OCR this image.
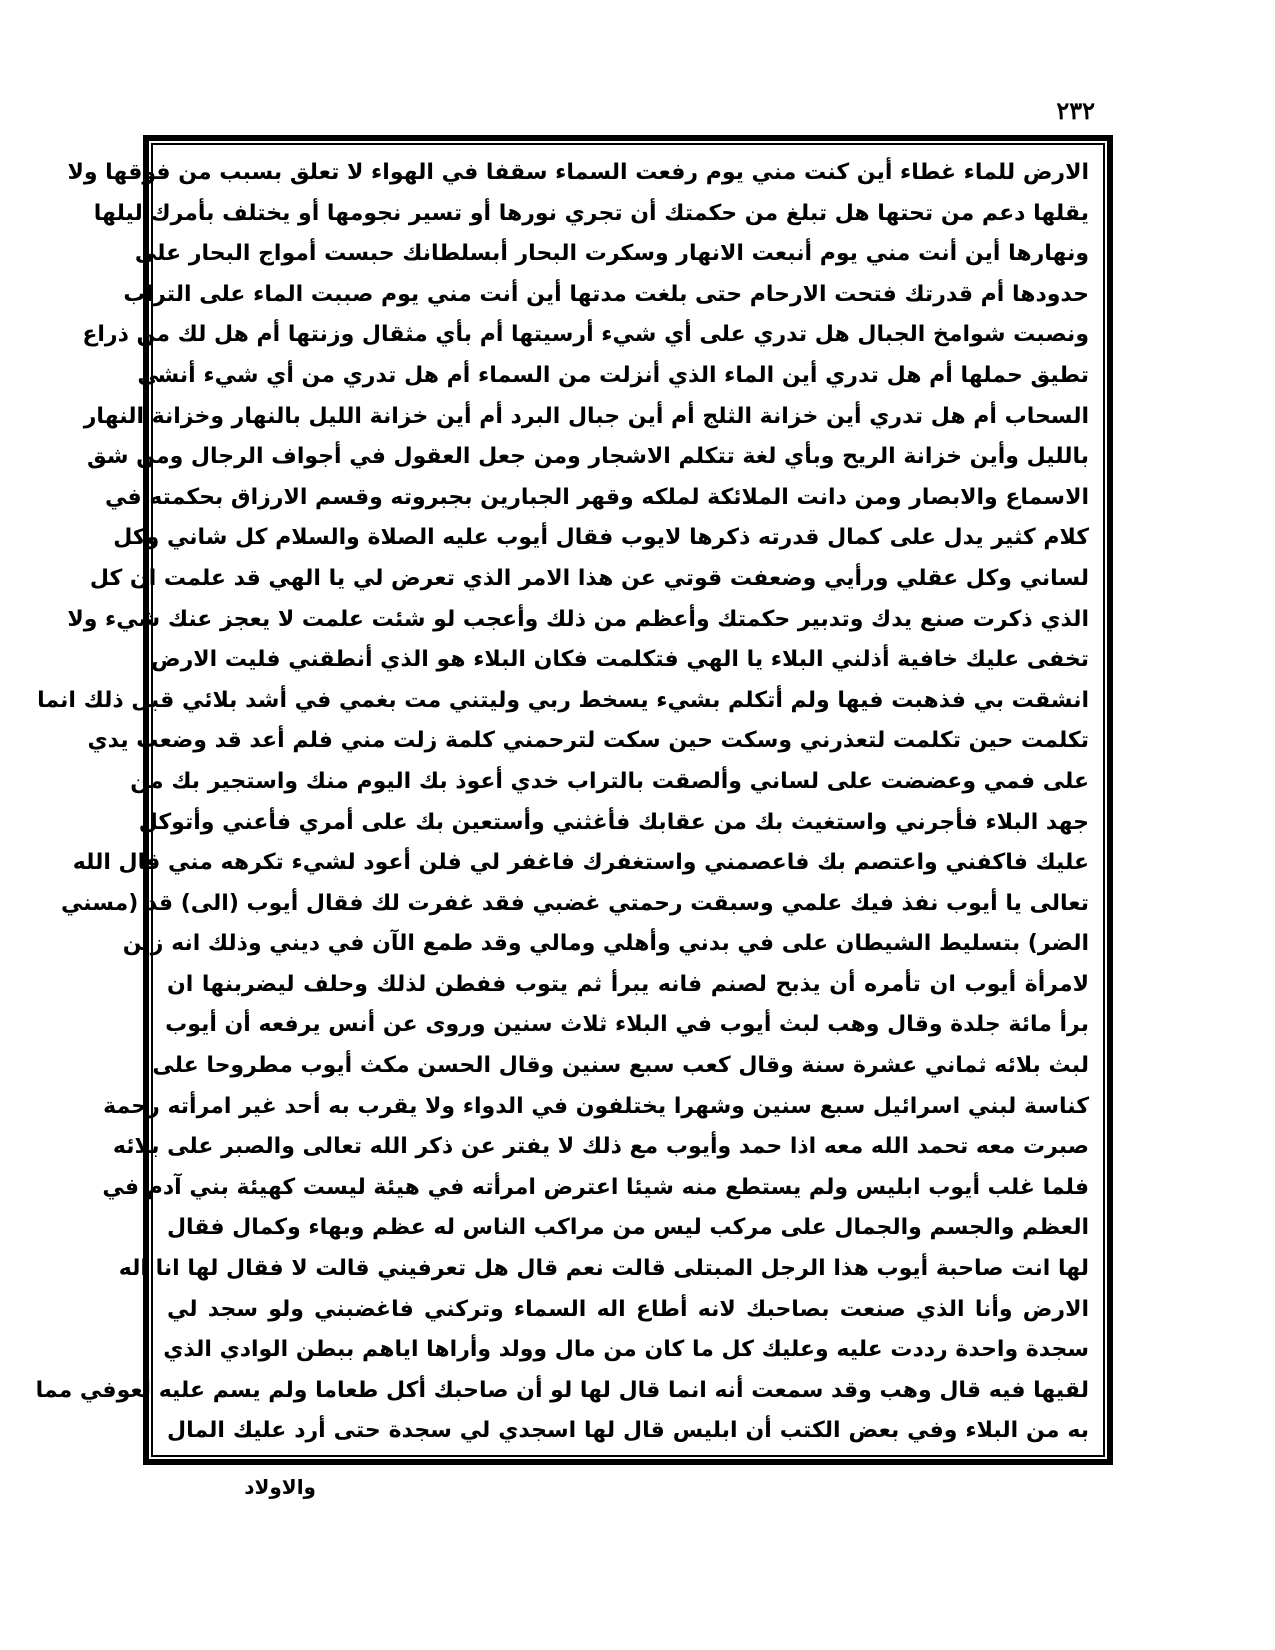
٢٣٢
الارض للماء غطاء أين كنت مني يوم رفعت السماء سقفا في الهواء لا تعلق بسبب من فوقها ولا
يقلها دعم من تحتها هل تبلغ من حكمتك أن تجري نورها أو تسير نجومها أو يختلف بأمرك ليلها
ونهارها أين أنت مني يوم أنبعت الانهار وسكرت البحار أبسلطانك حبست أمواج البحار على
حدودها أم قدرتك فتحت الارحام حتى بلغت مدتها أين أنت مني يوم صببت الماء على التراب
ونصبت شوامخ الجبال هل تدري على أي شيء أرسيتها أم بأي مثقال وزنتها أم هل لك من ذراع
تطيق حملها أم هل تدري أين الماء الذي أنزلت من السماء أم هل تدري من أي شيء أنشئ
السحاب أم هل تدري أين خزانة الثلج أم أين جبال البرد أم أين خزانة الليل بالنهار وخزانة النهار
بالليل وأين خزانة الريح وبأي لغة تتكلم الاشجار ومن جعل العقول في أجواف الرجال ومن شق
الاسماع والابصار ومن دانت الملائكة لملكه وقهر الجبارين بجبروته وقسم الارزاق بحكمته في
كلام كثير يدل على كمال قدرته ذكرها لايوب فقال أيوب عليه الصلاة والسلام كل شاني وكل
لساني وكل عقلي ورأيي وضعفت قوتي عن هذا الامر الذي تعرض لي يا الهي قد علمت ان كل
الذي ذكرت صنع يدك وتدبير حكمتك وأعظم من ذلك وأعجب لو شئت علمت لا يعجز عنك شيء ولا
تخفى عليك خافية أذلني البلاء يا الهي فتكلمت فكان البلاء هو الذي أنطقني فليت الارض
انشقت بي فذهبت فيها ولم أتكلم بشيء يسخط ربي وليتني مت بغمي في أشد بلائي قبل ذلك انما
تكلمت حين تكلمت لتعذرني وسكت حين سكت لترحمني كلمة زلت مني فلم أعد قد وضعت يدي
على فمي وعضضت على لساني وألصقت بالتراب خدي أعوذ بك اليوم منك واستجير بك من
جهد البلاء فأجرني واستغيث بك من عقابك فأغثني وأستعين بك على أمري فأعني وأتوكل
عليك فاكفني واعتصم بك فاعصمني واستغفرك فاغفر لي فلن أعود لشيء تكرهه مني قال الله
تعالى يا أيوب نفذ فيك علمي وسبقت رحمتي غضبي فقد غفرت لك فقال أيوب (الى) قد (مسني
الضر) بتسليط الشيطان على في بدني وأهلي ومالي وقد طمع الآن في ديني وذلك انه زين
لامرأة أيوب ان تأمره أن يذبح لصنم فانه يبرأ ثم يتوب ففطن لذلك وحلف ليضربنها ان
برأ مائة جلدة وقال وهب لبث أيوب في البلاء ثلاث سنين وروى عن أنس يرفعه أن أيوب
لبث بلائه ثماني عشرة سنة وقال كعب سبع سنين وقال الحسن مكث أيوب مطروحا على
كناسة لبني اسرائيل سبع سنين وشهرا يختلفون في الدواء ولا يقرب به أحد غير امرأته رحمة
صبرت معه تحمد الله معه اذا حمد وأيوب مع ذلك لا يفتر عن ذكر الله تعالى والصبر على بلائه
فلما غلب أيوب ابليس ولم يستطع منه شيئا اعترض امرأته في هيئة ليست كهيئة بني آدم في
العظم والجسم والجمال على مركب ليس من مراكب الناس له عظم وبهاء وكمال فقال
لها انت صاحبة أيوب هذا الرجل المبتلى قالت نعم قال هل تعرفيني قالت لا فقال لها انا اله
الارض وأنا الذي صنعت بصاحبك لانه أطاع اله السماء وتركني فاغضبني ولو سجد لي
سجدة واحدة رددت عليه وعليك كل ما كان من مال وولد وأراها اياهم ببطن الوادي الذي
لقيها فيه قال وهب وقد سمعت أنه انما قال لها لو أن صاحبك أكل طعاما ولم يسم عليه لعوفي مما
به من البلاء وفي بعض الكتب أن ابليس قال لها اسجدي لي سجدة حتى أرد عليك المال
والاولاد
